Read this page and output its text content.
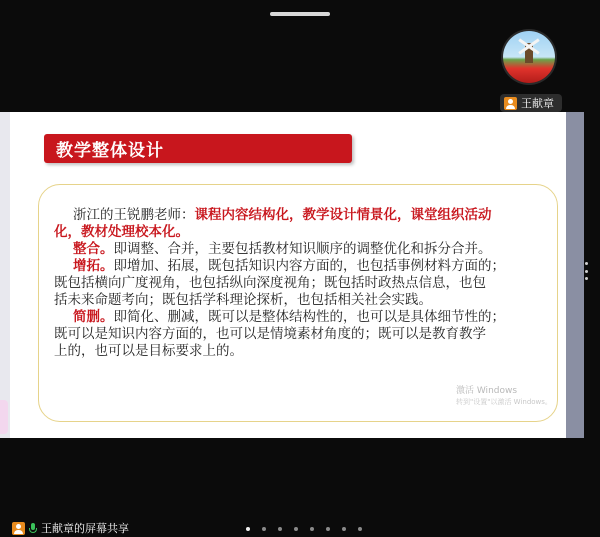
王献章
教学整体设计
浙江的王锐鹏老师：课程内容结构化，教学设计情景化，课堂组织活动
化，教材处理校本化。
整合。即调整、合并，主要包括教材知识顺序的调整优化和拆分合并。
增拓。即增加、拓展，既包括知识内容方面的，也包括事例材料方面的；
既包括横向广度视角，也包括纵向深度视角；既包括时政热点信息，也包
括未来命题考向；既包括学科理论探析，也包括相关社会实践。
简删。即简化、删减，既可以是整体结构性的，也可以是具体细节性的；
既可以是知识内容方面的，也可以是情境素材角度的；既可以是教育教学
上的，也可以是目标要求上的。
激活 Windows
转到"设置"以激活 Windows。
王献章的屏幕共享
